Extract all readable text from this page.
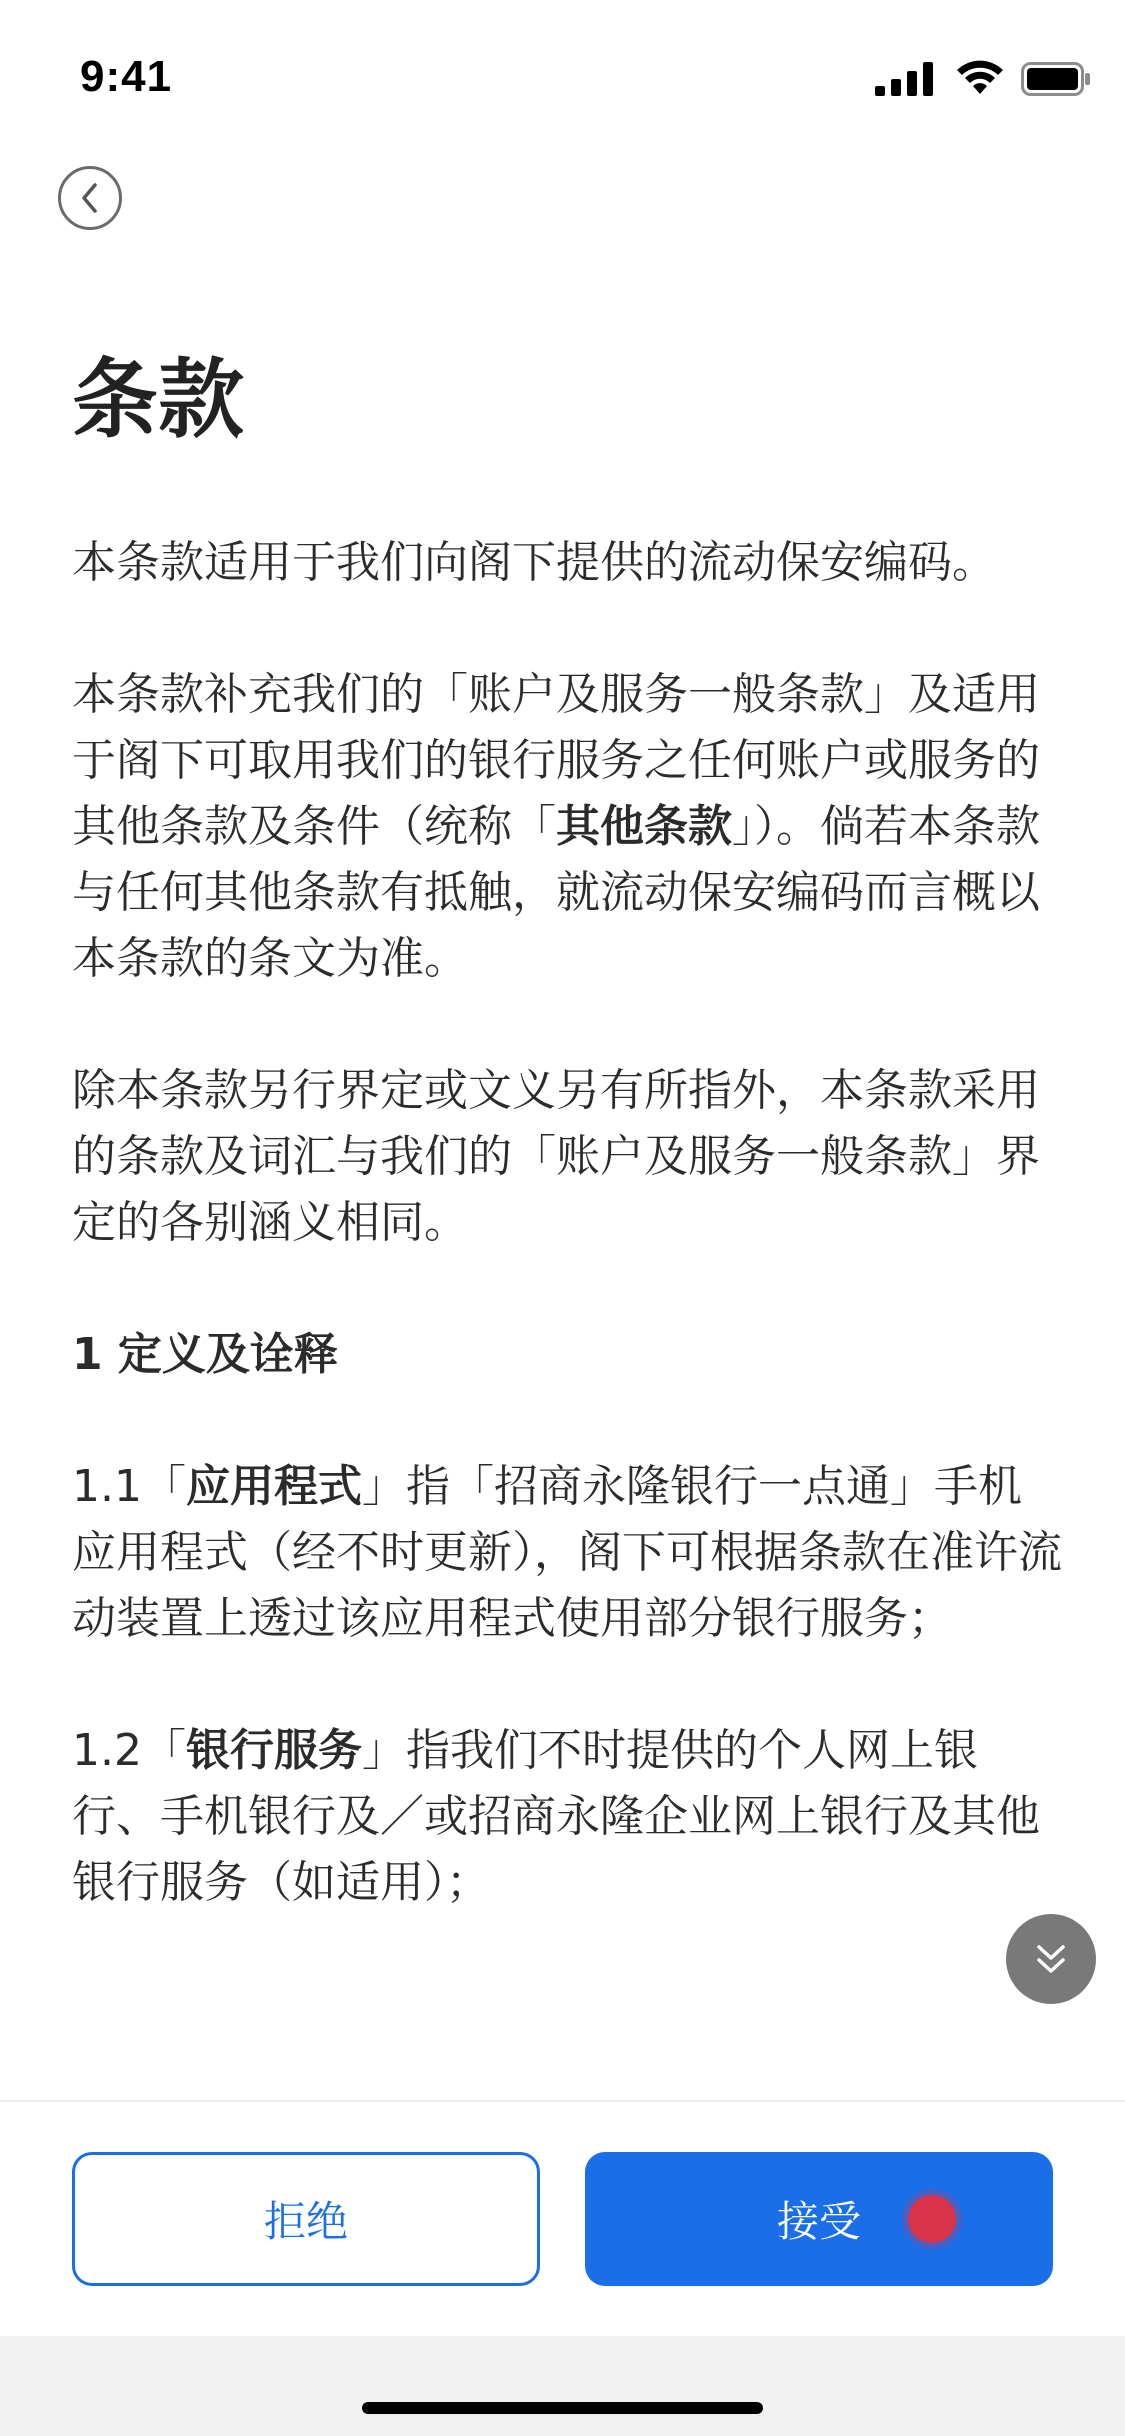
9:41
条款

本条款适用于我们向阁下提供的流动保安编码。

本条款补充我们的「账户及服务一般条款」及适用于阁下可取用我们的银行服务之任何账户或服务的其他条款及条件（统称「其他条款」）。倘若本条款与任何其他条款有抵触，就流动保安编码而言概以本条款的条文为准。

除本条款另行界定或文义另有所指外，本条款采用的条款及词汇与我们的「账户及服务一般条款」界定的各别涵义相同。

1 定义及诠释

1.1「应用程式」指「招商永隆银行一点通」手机应用程式（经不时更新），阁下可根据条款在准许流动装置上透过该应用程式使用部分银行服务；

1.2「银行服务」指我们不时提供的个人网上银行、手机银行及／或招商永隆企业网上银行及其他银行服务（如适用）；

拒绝	接受
